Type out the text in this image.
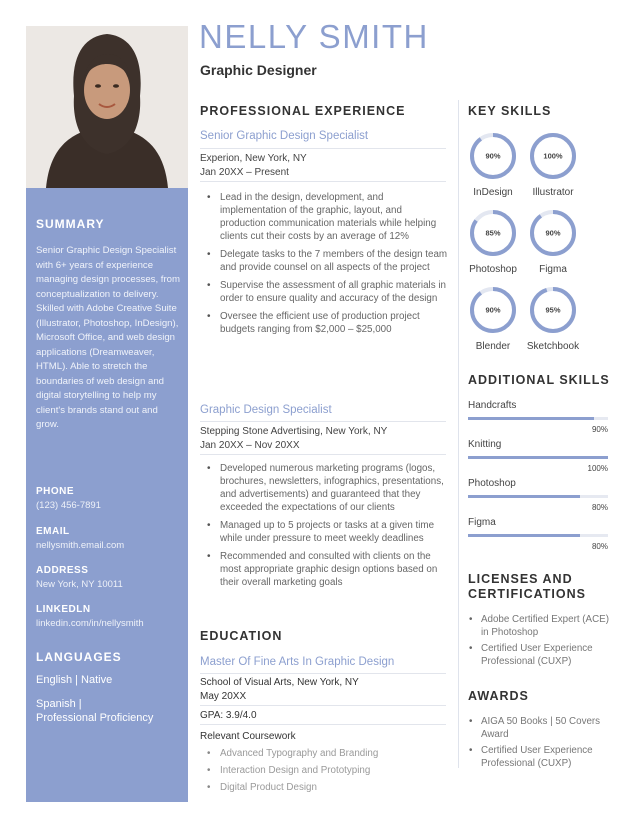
SUMMARY
Senior Graphic Design Specialist with 6+ years of experience managing design processes, from conceptualization to delivery. Skilled with Adobe Creative Suite (Illustrator, Photoshop, InDesign), Microsoft Office, and web design applications (Dreamweaver, HTML). Able to stretch the boundaries of web design and digital storytelling to help my client's brands stand out and grow.
PHONE
(123) 456-7891
EMAIL
nellysmith.email.com
ADDRESS
New York, NY 10011
LINKEDLN
linkedin.com/in/nellysmith
LANGUAGES
English | Native
Spanish |
Professional Proficiency
NELLY SMITH
Graphic Designer
PROFESSIONAL EXPERIENCE
Senior Graphic Design Specialist
Experion, New York, NY
Jan 20XX – Present
• Lead in the design, development, and implementation of the graphic, layout, and production communication materials while helping clients cut their costs by an average of 12%
• Delegate tasks to the 7 members of the design team and provide counsel on all aspects of the project
• Supervise the assessment of all graphic materials in order to ensure quality and accuracy of the design
• Oversee the efficient use of production project budgets ranging from $2,000 – $25,000
Graphic Design Specialist
Stepping Stone Advertising, New York, NY
Jan 20XX – Nov 20XX
• Developed numerous marketing programs (logos, brochures, newsletters, infographics, presentations, and advertisements) and guaranteed that they exceeded the expectations of our clients
• Managed up to 5 projects or tasks at a given time while under pressure to meet weekly deadlines
• Recommended and consulted with clients on the most appropriate graphic design options based on their overall marketing goals
EDUCATION
Master Of Fine Arts In Graphic Design
School of Visual Arts, New York, NY
May 20XX
GPA: 3.9/4.0
Relevant Coursework
• Advanced Typography and Branding
• Interaction Design and Prototyping
• Digital Product Design
KEY SKILLS
90%
InDesign
100%
Illustrator
85%
Photoshop
90%
Figma
90%
Blender
95%
Sketchbook
ADDITIONAL SKILLS
Handcrafts
90%
Knitting
100%
Photoshop
80%
Figma
80%
LICENSES AND
CERTIFICATIONS
• Adobe Certified Expert (ACE) in Photoshop
• Certified User Experience Professional (CUXP)
AWARDS
• AIGA 50 Books | 50 Covers Award
• Certified User Experience Professional (CUXP)
